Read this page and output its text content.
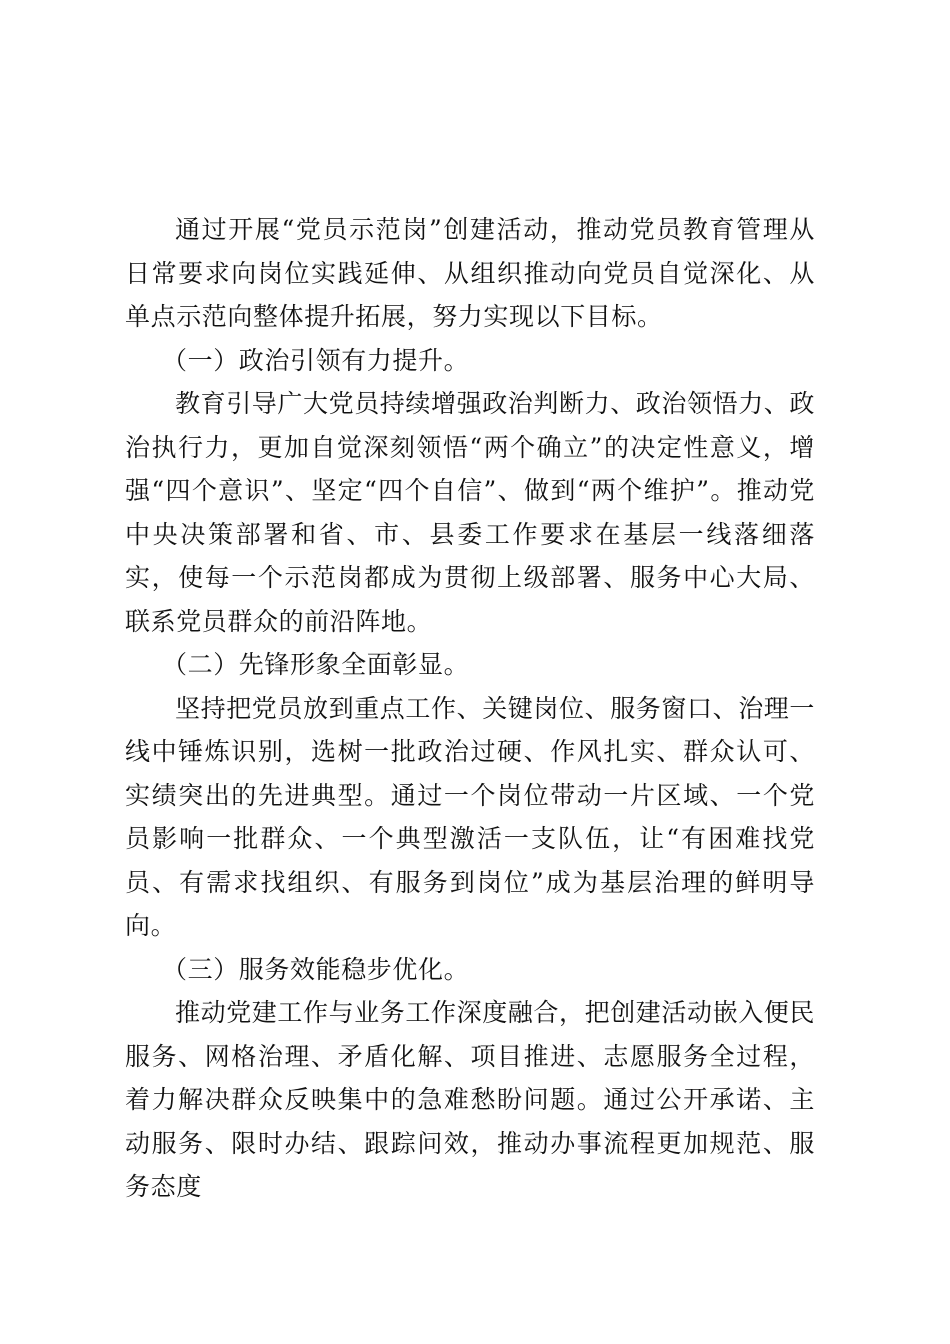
通过开展“党员示范岗”创建活动，推动党员教育管理从日常要求向岗位实践延伸、从组织推动向党员自觉深化、从单点示范向整体提升拓展，努力实现以下目标。

（一）政治引领有力提升。

教育引导广大党员持续增强政治判断力、政治领悟力、政治执行力，更加自觉深刻领悟“两个确立”的决定性意义，增强“四个意识”、坚定“四个自信”、做到“两个维护”。推动党中央决策部署和省、市、县委工作要求在基层一线落细落实，使每一个示范岗都成为贯彻上级部署、服务中心大局、联系党员群众的前沿阵地。

（二）先锋形象全面彰显。

坚持把党员放到重点工作、关键岗位、服务窗口、治理一线中锤炼识别，选树一批政治过硬、作风扎实、群众认可、实绩突出的先进典型。通过一个岗位带动一片区域、一个党员影响一批群众、一个典型激活一支队伍，让“有困难找党员、有需求找组织、有服务到岗位”成为基层治理的鲜明导向。

（三）服务效能稳步优化。

推动党建工作与业务工作深度融合，把创建活动嵌入便民服务、网格治理、矛盾化解、项目推进、志愿服务全过程，着力解决群众反映集中的急难愁盼问题。通过公开承诺、主动服务、限时办结、跟踪问效，推动办事流程更加规范、服务态度
